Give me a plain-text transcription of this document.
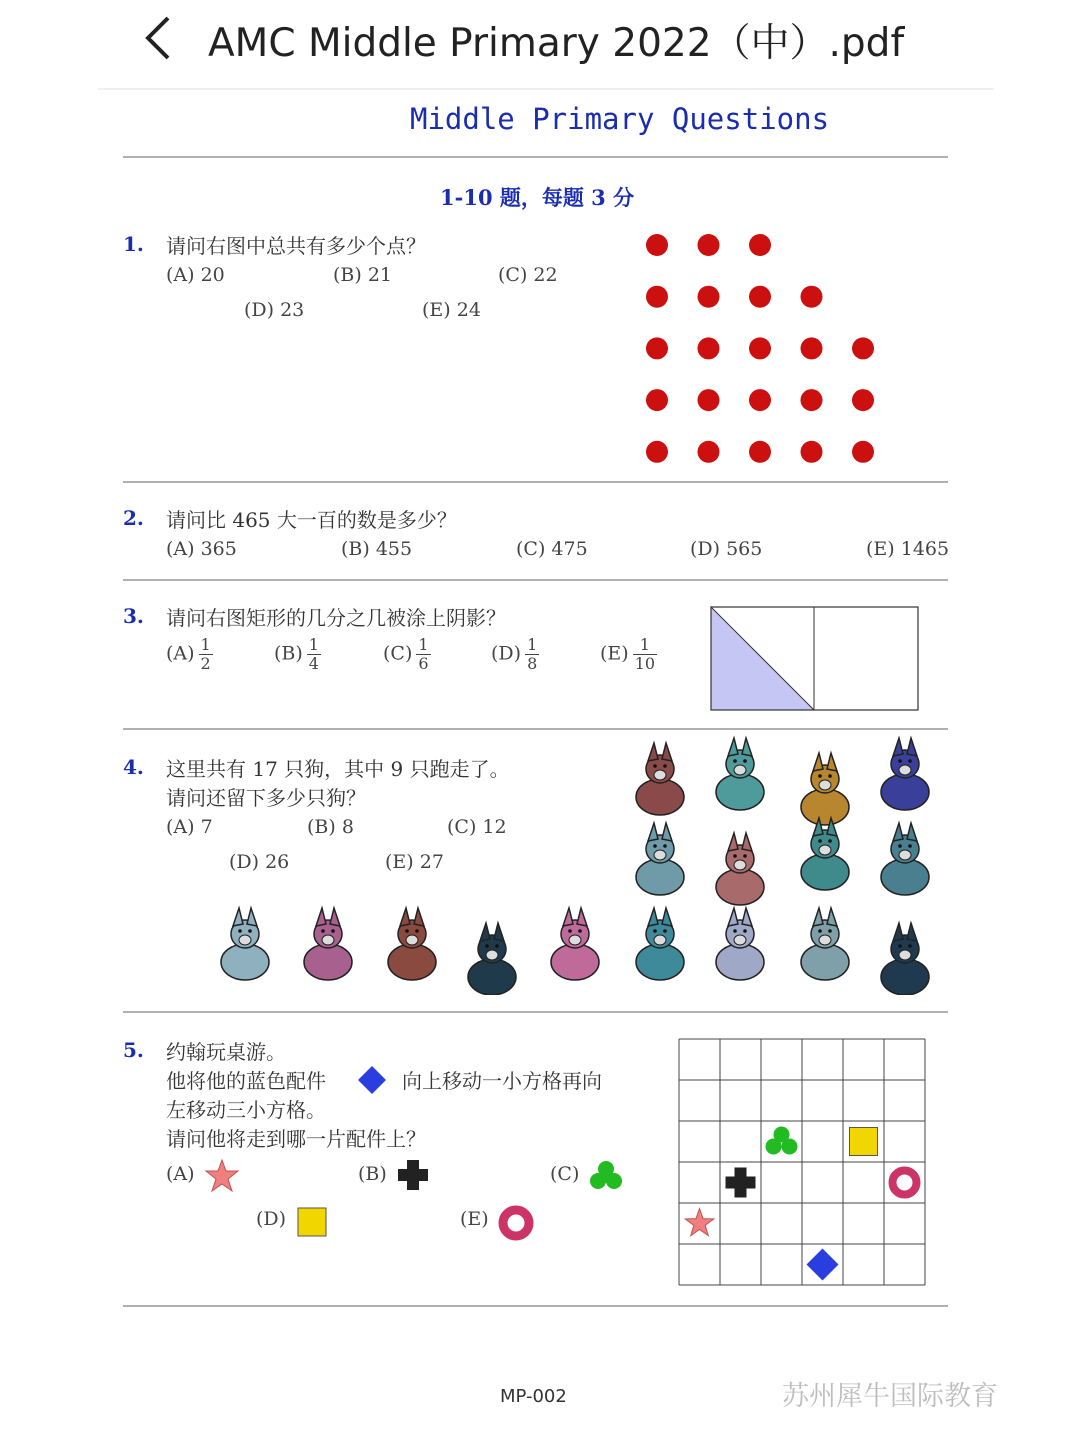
AMC Middle Primary 2022（中）.pdf
Middle Primary Questions
1-10 题，每题 3 分
1. 请问右图中总共有多少个点？
(A) 20	(B) 21	(C) 22
(D) 23	(E) 24
2. 请问比 465 大一百的数是多少？
(A) 365	(B) 455	(C) 475	(D) 565	(E) 1465
3. 请问右图矩形的几分之几被涂上阴影？
$(A) \frac{1}{2}$	$(B) \frac{1}{4}$	$(C) \frac{1}{6}$	$(D) \frac{1}{8}$	$(E) \frac{1}{10}$
4. 这里共有 17 只狗，其中 9 只跑走了。
请问还留下多少只狗？
(A) 7	(B) 8	(C) 12
(D) 26	(E) 27
5. 约翰玩桌游。
他将他的蓝色配件	向上移动一小方格再向
左移动三小方格。
请问他将走到哪一片配件上？
(A)	(B)	(C)
(D)	(E)
MP-002	苏州犀牛国际教育
